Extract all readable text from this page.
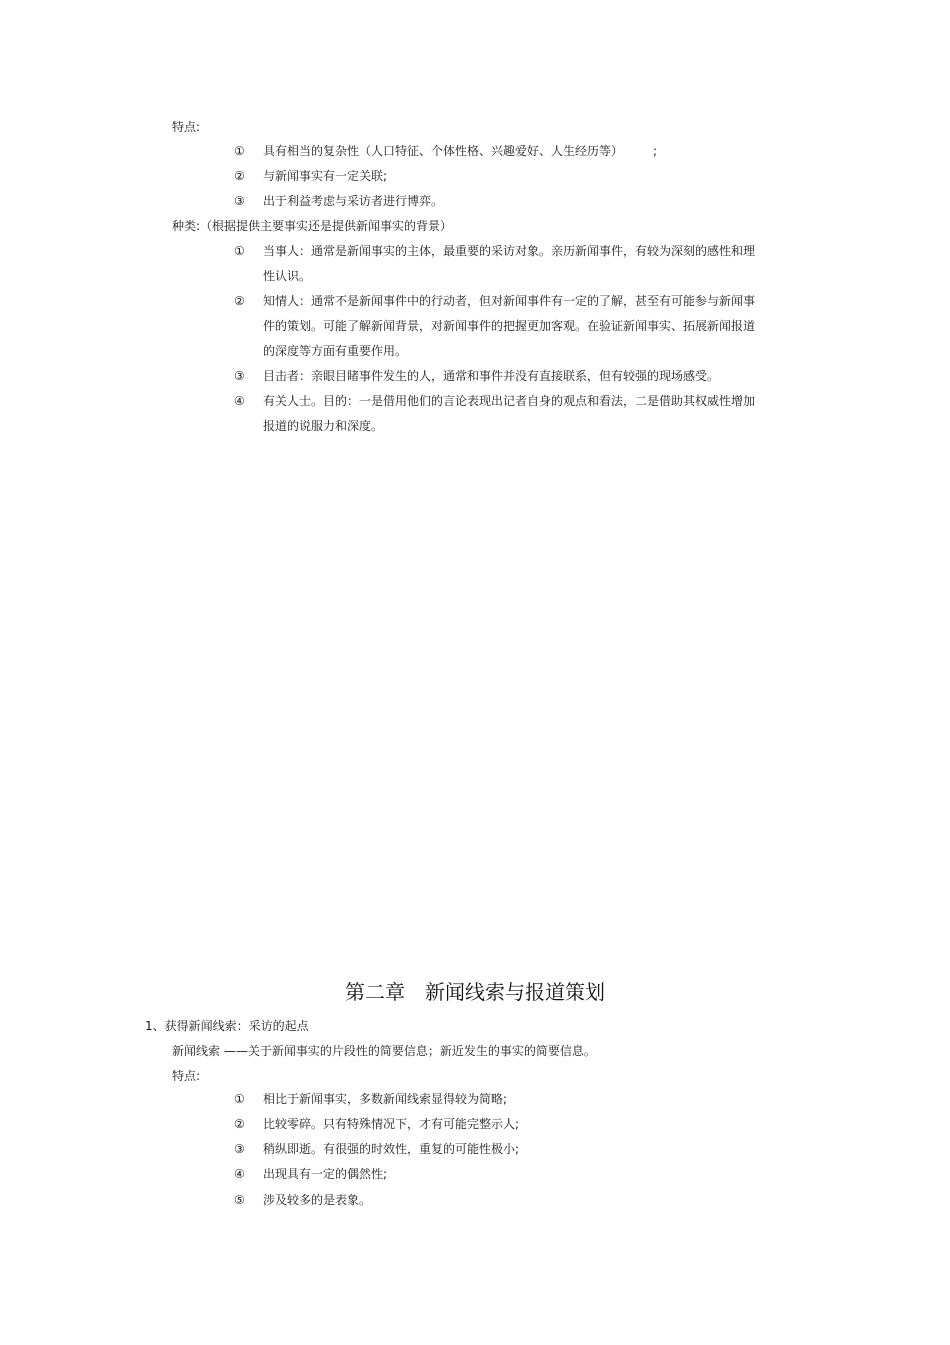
特点:
①	具有相当的复杂性（人口特征、个体性格、兴趣爱好、人生经历等）　　　;
②	与新闻事实有一定关联;
③	出于利益考虑与采访者进行博弈。
种类:（根据提供主要事实还是提供新闻事实的背景）
①	当事人：通常是新闻事实的主体，最重要的采访对象。亲历新闻事件，有较为深刻的感性和理性认识。
②	知情人：通常不是新闻事件中的行动者，但对新闻事件有一定的了解，甚至有可能参与新闻事件的策划。可能了解新闻背景，对新闻事件的把握更加客观。在验证新闻事实、拓展新闻报道的深度等方面有重要作用。
③	目击者：亲眼目睹事件发生的人，通常和事件并没有直接联系，但有较强的现场感受。
④	有关人士。目的：一是借用他们的言论表现出记者自身的观点和看法，二是借助其权威性增加报道的说服力和深度。
第二章　新闻线索与报道策划
1、获得新闻线索：采访的起点
新闻线索 ——关于新闻事实的片段性的简要信息；新近发生的事实的简要信息。
特点:
①	相比于新闻事实，多数新闻线索显得较为简略;
②	比较零碎。只有特殊情况下，才有可能完整示人;
③	稍纵即逝。有很强的时效性，重复的可能性极小;
④	出现具有一定的偶然性;
⑤	涉及较多的是表象。
